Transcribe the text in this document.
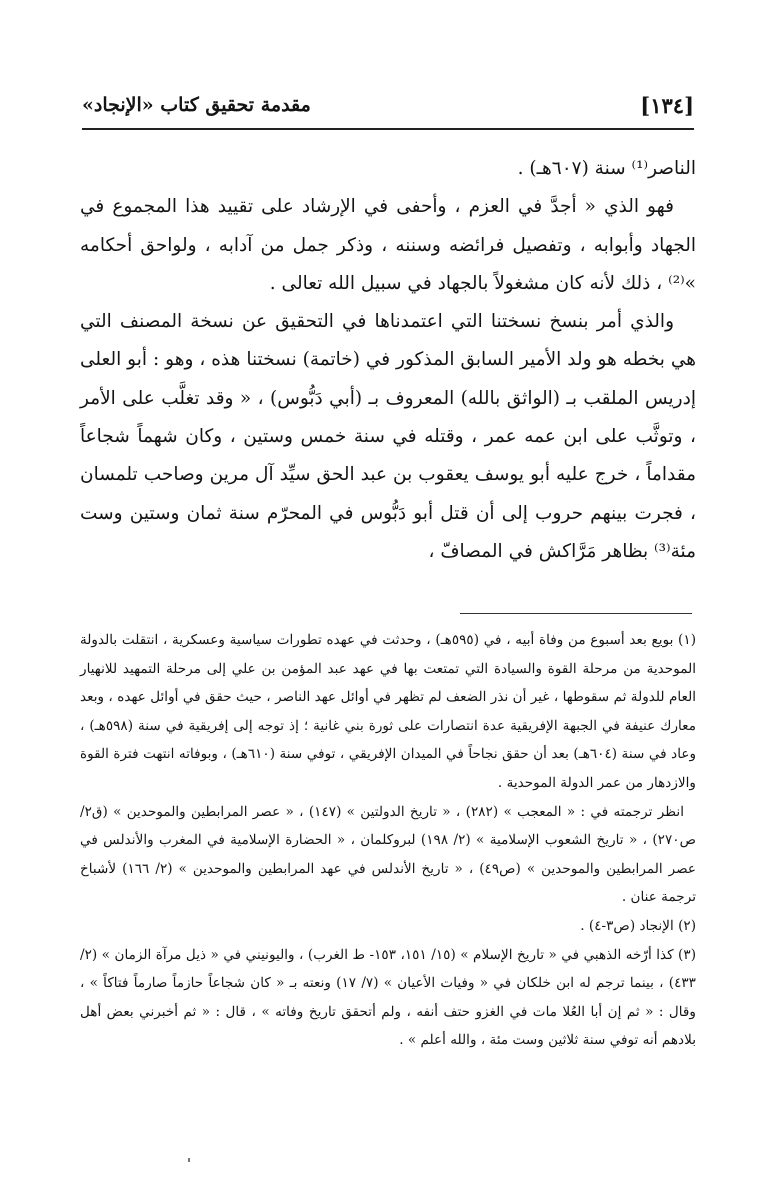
[١٣٤]
مقدمة تحقيق كتاب «الإنجاد»

الناصر⁽¹⁾ سنة (٦٠٧هـ) .

فهو الذي « أجدَّ في العزم ، وأحفى في الإرشاد على تقييد هذا المجموع في الجهاد وأبوابه ، وتفصيل فرائضه وسننه ، وذكر جمل من آدابه ، ولواحق أحكامه »⁽²⁾ ، ذلك لأنه كان مشغولاً بالجهاد في سبيل الله تعالى .

والذي أمر بنسخ نسختنا التي اعتمدناها في التحقيق عن نسخة المصنف التي هي بخطه هو ولد الأمير السابق المذكور في (خاتمة) نسختنا هذه ، وهو : أبو العلى إدريس الملقب بـ (الواثق بالله) المعروف بـ (أبي دَبُّوس) ، « وقد تغلَّب على الأمر ، وتوثَّب على ابن عمه عمر ، وقتله في سنة خمس وستين ، وكان شهماً شجاعاً مقداماً ، خرج عليه أبو يوسف يعقوب بن عبد الحق سيِّد آل مرين وصاحب تلمسان ، فجرت بينهم حروب إلى أن قتل أبو دَبُّوس في المحرّم سنة ثمان وستين وست مئة⁽³⁾ بظاهر مَرَّاكش في المصافّ ،

(١) بويع بعد أسبوع من وفاة أبيه ، في (٥٩٥هـ) ، وحدثت في عهده تطورات سياسية وعسكرية ، انتقلت بالدولة الموحدية من مرحلة القوة والسيادة التي تمتعت بها في عهد عبد المؤمن بن علي إلى مرحلة التمهيد للانهيار العام للدولة ثم سقوطها ، غير أن نذر الضعف لم تظهر في أوائل عهد الناصر ، حيث حقق في أوائل عهده ، وبعد معارك عنيفة في الجبهة الإفريقية عدة انتصارات على ثورة بني غانية ؛ إذ توجه إلى إفريقية في سنة (٥٩٨هـ) ، وعاد في سنة (٦٠٤هـ) بعد أن حقق نجاحاً في الميدان الإفريقي ، توفي سنة (٦١٠هـ) ، وبوفاته انتهت فترة القوة والازدهار من عمر الدولة الموحدية .

انظر ترجمته في : « المعجب » (٢٨٢) ، « تاريخ الدولتين » (١٤٧) ، « عصر المرابطين والموحدين » (ق٢/ ص٢٧٠) ، « تاريخ الشعوب الإسلامية » (٢/ ١٩٨) لبروكلمان ، « الحضارة الإسلامية في المغرب والأندلس في عصر المرابطين والموحدين » (ص٤٩) ، « تاريخ الأندلس في عهد المرابطين والموحدين » (٢/ ١٦٦) لأشباخ ترجمة عنان .

(٢) الإنجاد (ص٣-٤) .

(٣) كذا أرّخه الذهبي في « تاريخ الإسلام » (١٥/ ١٥١، ١٥٣- ط الغرب) ، واليونيني في « ذيل مرآة الزمان » (٢/ ٤٣٣) ، بينما ترجم له ابن خلكان في « وفيات الأعيان » (٧/ ١٧) ونعته بـ « كان شجاعاً حازماً صارماً فتاكاً » ، وقال : « ثم إن أبا العُلا مات في الغزو حتف أنفه ، ولم أتحقق تاريخ وفاته » ، قال : « ثم أخبرني بعض أهل بلادهم أنه توفي سنة ثلاثين وست مئة ، والله أعلم » .
